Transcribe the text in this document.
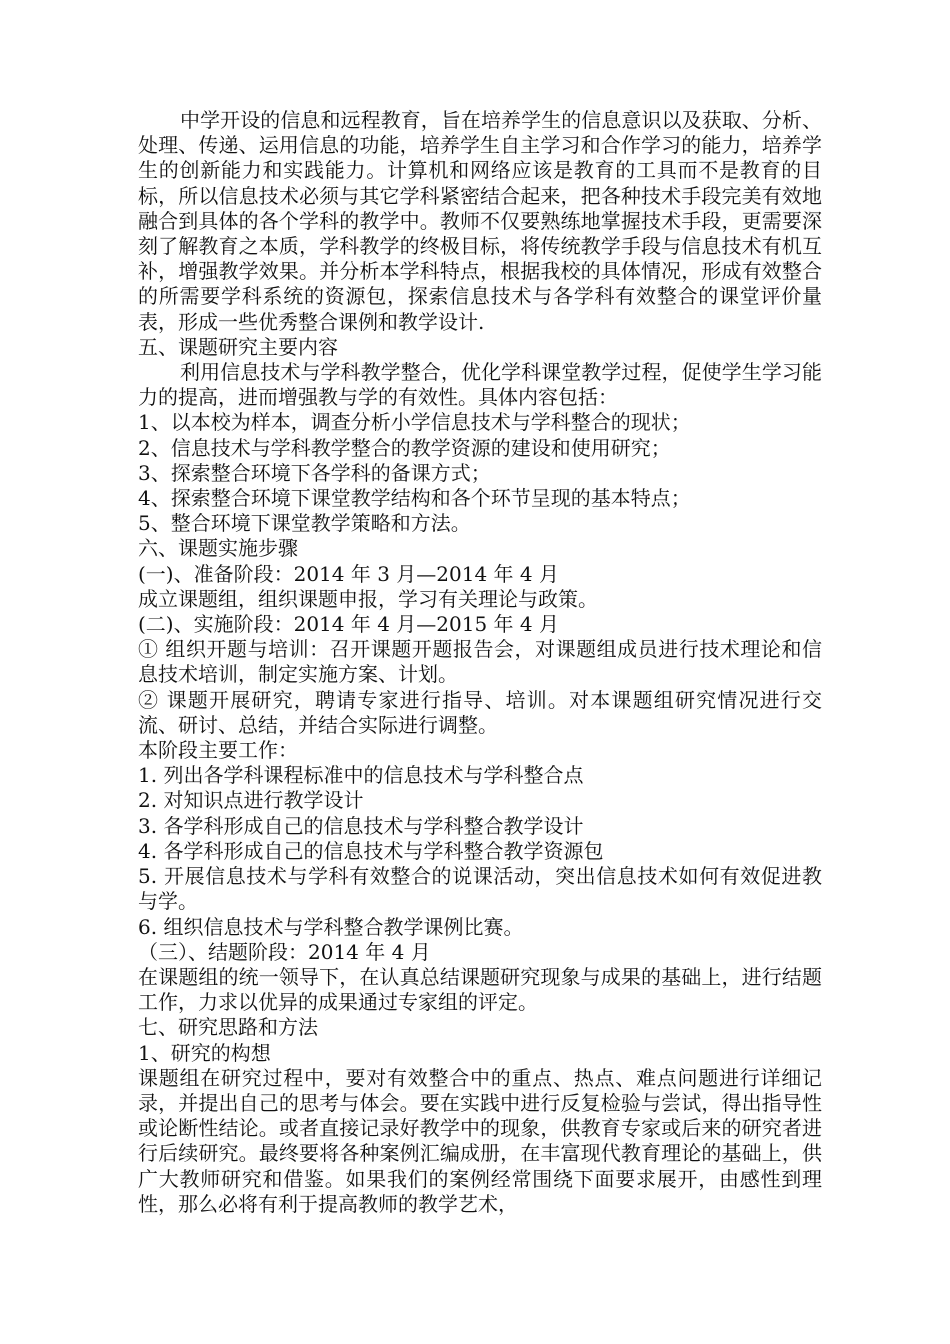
中学开设的信息和远程教育，旨在培养学生的信息意识以及获取、分析、处理、传递、运用信息的功能，培养学生自主学习和合作学习的能力，培养学生的创新能力和实践能力。计算机和网络应该是教育的工具而不是教育的目标，所以信息技术必须与其它学科紧密结合起来，把各种技术手段完美有效地融合到具体的各个学科的教学中。教师不仅要熟练地掌握技术手段，更需要深刻了解教育之本质，学科教学的终极目标，将传统教学手段与信息技术有机互补，增强教学效果。并分析本学科特点，根据我校的具体情况，形成有效整合的所需要学科系统的资源包，探索信息技术与各学科有效整合的课堂评价量表，形成一些优秀整合课例和教学设计.

五、课题研究主要内容

利用信息技术与学科教学整合，优化学科课堂教学过程，促使学生学习能力的提高，进而增强教与学的有效性。具体内容包括：

1、以本校为样本，调查分析小学信息技术与学科整合的现状；

2、信息技术与学科教学整合的教学资源的建设和使用研究；

3、探索整合环境下各学科的备课方式；

4、探索整合环境下课堂教学结构和各个环节呈现的基本特点；

5、整合环境下课堂教学策略和方法。

六、课题实施步骤

(一)、准备阶段：2014 年 3 月—2014 年 4 月

成立课题组，组织课题申报，学习有关理论与政策。

(二)、实施阶段：2014 年 4 月—2015 年 4 月

① 组织开题与培训：召开课题开题报告会，对课题组成员进行技术理论和信息技术培训，制定实施方案、计划。

② 课题开展研究，聘请专家进行指导、培训。对本课题组研究情况进行交流、研讨、总结，并结合实际进行调整。

本阶段主要工作：

1. 列出各学科课程标准中的信息技术与学科整合点

2. 对知识点进行教学设计

3. 各学科形成自己的信息技术与学科整合教学设计

4. 各学科形成自己的信息技术与学科整合教学资源包

5. 开展信息技术与学科有效整合的说课活动，突出信息技术如何有效促进教与学。

6. 组织信息技术与学科整合教学课例比赛。

（三）、结题阶段：2014 年 4 月

在课题组的统一领导下，在认真总结课题研究现象与成果的基础上，进行结题工作，力求以优异的成果通过专家组的评定。

七、研究思路和方法

1、研究的构想

课题组在研究过程中，要对有效整合中的重点、热点、难点问题进行详细记录，并提出自己的思考与体会。要在实践中进行反复检验与尝试，得出指导性或论断性结论。或者直接记录好教学中的现象，供教育专家或后来的研究者进行后续研究。最终要将各种案例汇编成册，在丰富现代教育理论的基础上，供广大教师研究和借鉴。如果我们的案例经常围绕下面要求展开，由感性到理性，那么必将有利于提高教师的教学艺术，
